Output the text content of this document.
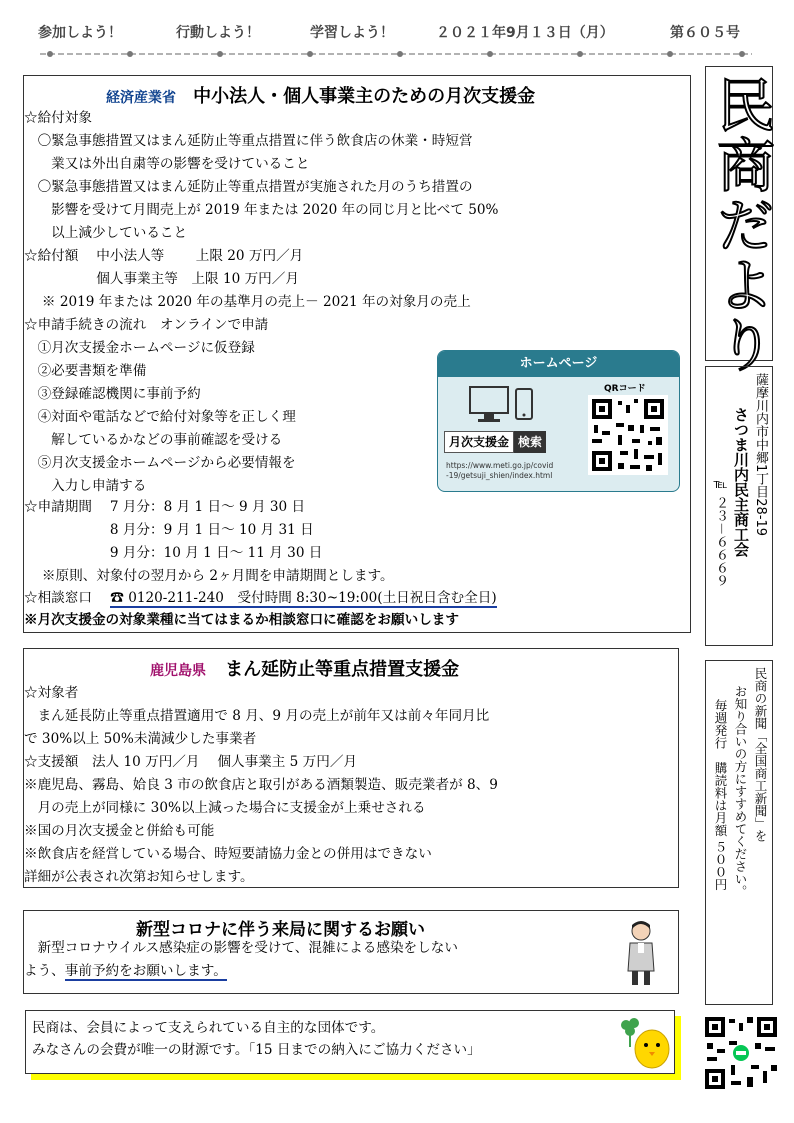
参加しよう！	行動しよう！	学習しよう！	２０２１年9月１３日（月）	第６０５号
経済産業省 中小法人・個人事業主のための月次支援金
☆給付対象
　〇緊急事態措置又はまん延防止等重点措置に伴う飲食店の休業・時短営
　　業又は外出自粛等の影響を受けていること
　〇緊急事態措置又はまん延防止等重点措置が実施された月のうち措置の
　　影響を受けて月間売上が 2019 年または 2020 年の同じ月と比べて 50%
　　以上減少していること
☆給付額　 中小法人等　　 上限 20 万円／月
　　　　　 個人事業主等　上限 10 万円／月
　 ※ 2019 年または 2020 年の基準月の売上－ 2021 年の対象月の売上
☆申請手続きの流れ　オンラインで申請
　①月次支援金ホームページに仮登録
　②必要書類を準備
　③登録確認機関に事前予約
　④対面や電話などで給付対象等を正しく理
　　解しているかなどの事前確認を受ける
　⑤月次支援金ホームページから必要情報を
　　入力し申請する
☆申請期間　 7 月分：8 月 1 日～ 9 月 30 日
　　　　　　 8 月分：9 月 1 日～ 10 月 31 日
　　　　　　 9 月分：10 月 1 日～ 11 月 30 日
　 ※原則、対象付の翌月から 2ヶ月間を申請期間とします。
☆相談窓口 ☎ 0120-211-240　受付時間 8:30~19:00(土日祝日含む全日)
※月次支援金の対象業種に当てはまるか相談窓口に確認をお願いします
ホームページ
QRコード
月次支援金 検索
https://www.meti.go.jp/covid
-19/getsuji_shien/index.html
鹿児島県 まん延防止等重点措置支援金
☆対象者
　まん延長防止等重点措置適用で 8 月、9 月の売上が前年又は前々年同月比
で 30%以上 50%未満減少した事業者
☆支援額　法人 10 万円／月　 個人事業主 5 万円／月
※鹿児島、霧島、姶良 3 市の飲食店と取引がある酒類製造、販売業者が 8、9
　月の売上が同様に 30%以上減った場合に支援金が上乗せされる
※国の月次支援金と併給も可能
※飲食店を経営している場合、時短要請協力金との併用はできない
詳細が公表され次第お知らせします。
新型コロナに伴う来局に関するお願い
　新型コロナウイルス感染症の影響を受けて、混雑による感染をしない
よう、事前予約をお願いします。
民商は、会員によって支えられている自主的な団体です。
みなさんの会費が唯一の財源です。「15 日までの納入にご協力ください」
民商だより
薩摩川内市中郷1丁目28-19
さつま川内民主商工会
℡ ２３－６６６９
民商の新聞「全国商工新聞」を
お知り合いの方にすすめてください。
毎週発行　購読料は月額 ５００円
